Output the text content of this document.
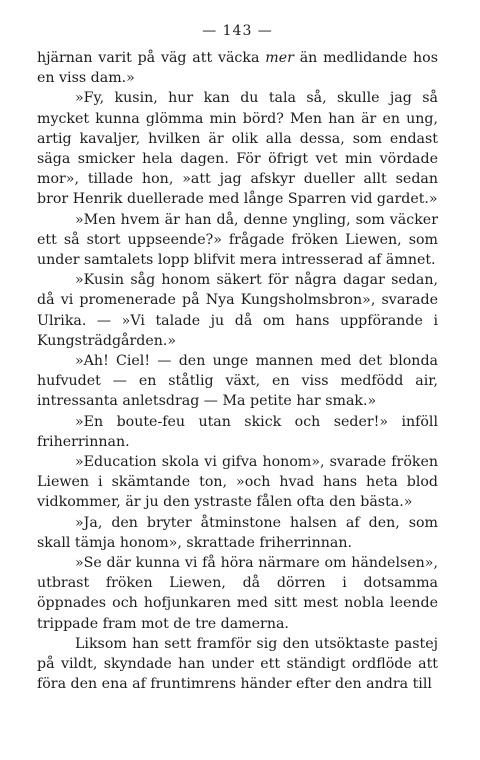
— 143 —

hjärnan varit på väg att väcka mer än medlidande hos en viss dam.»

»Fy, kusin, hur kan du tala så, skulle jag så mycket kunna glömma min börd? Men han är en ung, artig kavaljer, hvilken är olik alla dessa, som endast säga smicker hela dagen. För öfrigt vet min vördade mor», tillade hon, »att jag afskyr dueller allt sedan bror Henrik duellerade med långe Sparren vid gardet.»

»Men hvem är han då, denne yngling, som väcker ett så stort uppseende?» frågade fröken Liewen, som under samtalets lopp blifvit mera intresserad af ämnet.

»Kusin såg honom säkert för några dagar sedan, då vi promenerade på Nya Kungsholmsbron», svarade Ulrika. — »Vi talade ju då om hans uppförande i Kungsträdgården.»

»Ah! Ciel! — den unge mannen med det blonda hufvudet — en ståtlig växt, en viss medfödd air, intressanta anletsdrag — Ma petite har smak.»

»En boute-feu utan skick och seder!» inföll friherrinnan.

»Education skola vi gifva honom», svarade fröken Liewen i skämtande ton, »och hvad hans heta blod vidkommer, är ju den ystraste fålen ofta den bästa.»

»Ja, den bryter åtminstone halsen af den, som skall tämja honom», skrattade friherrinnan.

»Se där kunna vi få höra närmare om händelsen», utbrast fröken Liewen, då dörren i dotsamma öppnades och hofjunkaren med sitt mest nobla leende trippade fram mot de tre damerna.

Liksom han sett framför sig den utsöktaste pastej på vildt, skyndade han under ett ständigt ordflöde att föra den ena af fruntimrens händer efter den andra till
